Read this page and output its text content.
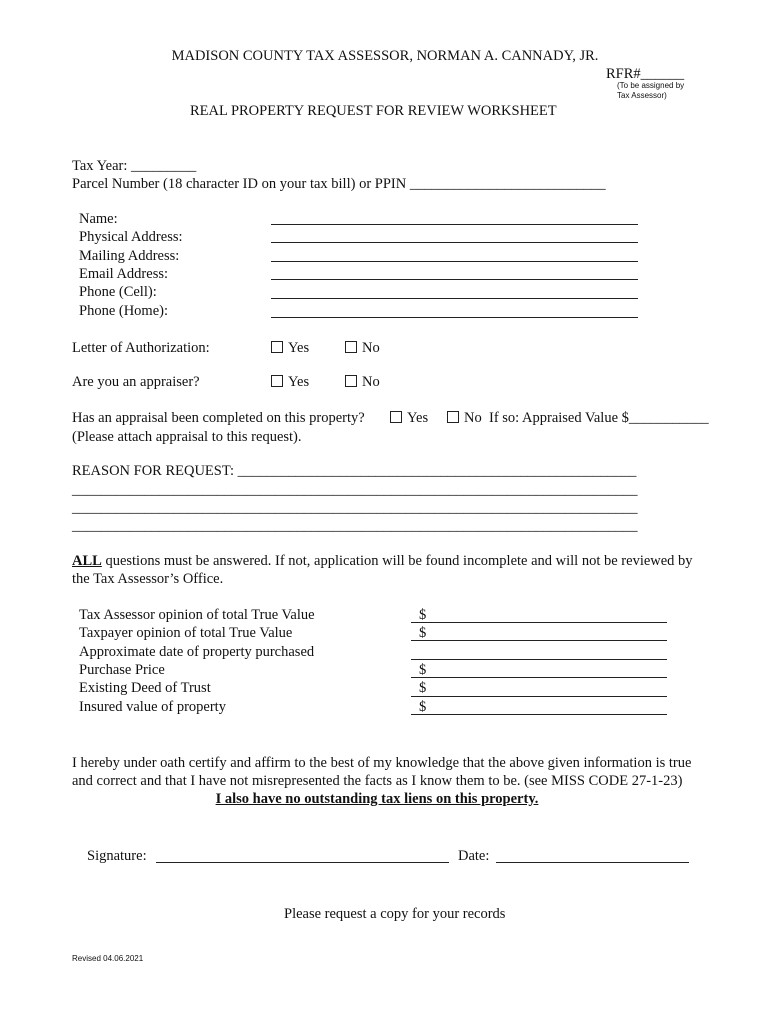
MADISON COUNTY TAX ASSESSOR, NORMAN A. CANNADY, JR.
RFR#______
(To be assigned by
Tax Assessor)
REAL PROPERTY REQUEST FOR REVIEW WORKSHEET
Tax Year: _________
Parcel Number (18 character ID on your tax bill) or PPIN ___________________________
Name:
Physical Address:
Mailing Address:
Email Address:
Phone (Cell):
Phone (Home):
Letter of Authorization:	Yes	No
Are you an appraiser?	Yes	No
Has an appraisal been completed on this property?	Yes	No If so: Appraised Value $___________
(Please attach appraisal to this request).
REASON FOR REQUEST: _______________________________________________________
______________________________________________________________________________
______________________________________________________________________________
______________________________________________________________________________
ALL questions must be answered. If not, application will be found incomplete and will not be reviewed by
the Tax Assessor’s Office.
Tax Assessor opinion of total True Value	$
Taxpayer opinion of total True Value	$
Approximate date of property purchased
Purchase Price	$
Existing Deed of Trust	$
Insured value of property	$
I hereby under oath certify and affirm to the best of my knowledge that the above given information is true
and correct and that I have not misrepresented the facts as I know them to be. (see MISS CODE 27-1-23)
I also have no outstanding tax liens on this property.
Signature:	Date:
Please request a copy for your records
Revised 04.06.2021
